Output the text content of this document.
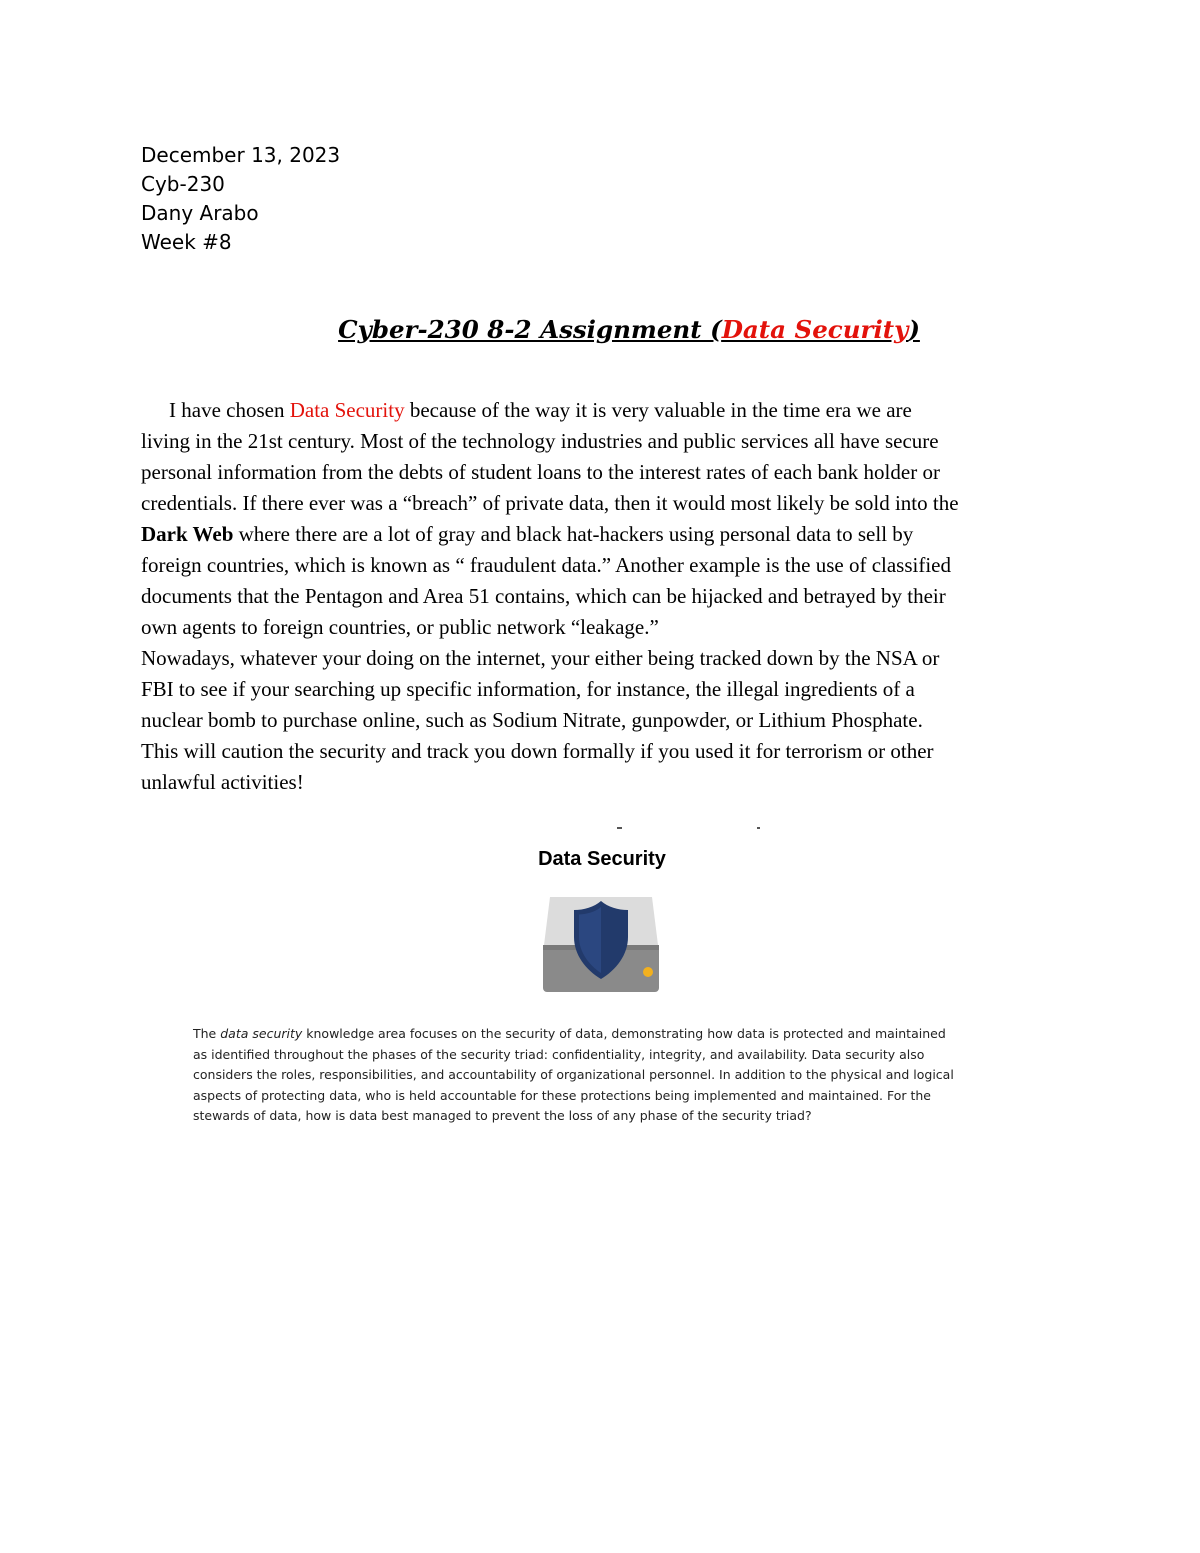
December 13, 2023
Cyb-230
Dany Arabo
Week #8
Cyber-230 8-2 Assignment (Data Security)
I have chosen Data Security because of the way it is very valuable in the time era we are
living in the 21st century. Most of the technology industries and public services all have secure
personal information from the debts of student loans to the interest rates of each bank holder or
credentials. If there ever was a “breach” of private data, then it would most likely be sold into the
Dark Web where there are a lot of gray and black hat-hackers using personal data to sell by
foreign countries, which is known as “ fraudulent data.” Another example is the use of classified
documents that the Pentagon and Area 51 contains, which can be hijacked and betrayed by their
own agents to foreign countries, or public network “leakage.”
Nowadays, whatever your doing on the internet, your either being tracked down by the NSA or
FBI to see if your searching up specific information, for instance, the illegal ingredients of a
nuclear bomb to purchase online, such as Sodium Nitrate, gunpowder, or Lithium Phosphate.
This will caution the security and track you down formally if you used it for terrorism or other
unlawful activities!
Data Security
The data security knowledge area focuses on the security of data, demonstrating how data is protected and maintained
as identified throughout the phases of the security triad: confidentiality, integrity, and availability. Data security also
considers the roles, responsibilities, and accountability of organizational personnel. In addition to the physical and logical
aspects of protecting data, who is held accountable for these protections being implemented and maintained. For the
stewards of data, how is data best managed to prevent the loss of any phase of the security triad?
